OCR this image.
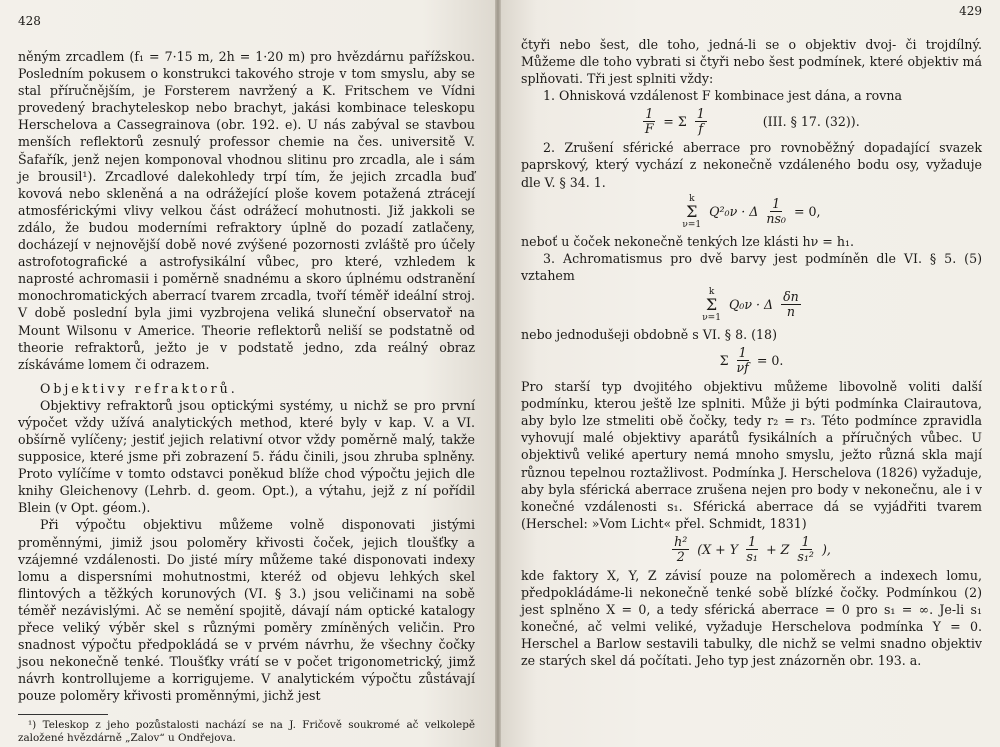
428

něným zrcadlem (f₁ = 7·15 m, 2h = 1·20 m) pro hvězdárnu pařížskou. Posledním pokusem o konstrukci takového stroje v tom smyslu, aby se stal příručnějším, je Forsterem navržený a K. Fritschem ve Vídni provedený brachyteleskop nebo brachyt, jakási kombinace teleskopu Herschelova a Cassegrainova (obr. 192. e). U nás zabýval se stavbou menších reflektorů zesnulý professor chemie na čes. universitě V. Šafařík, jenž nejen komponoval vhodnou slitinu pro zrcadla, ale i sám je brousil¹). Zrcadlové dalekohledy trpí tím, že jejich zrcadla buď kovová nebo skleněná a na odrážející ploše kovem potažená ztrácejí atmosférickými vlivy velkou část odrážecí mohutnosti. Již jakkoli se zdálo, že budou moderními refraktory úplně do pozadí zatlačeny, docházejí v nejnovější době nové zvýšené pozornosti zvláště pro účely astrofotografické a astrofysikální vůbec, pro které, vzhledem k naprosté achromasii i poměrně snadnému a skoro úplnému odstranění monochromatických aberrací tvarem zrcadla, tvoří téměř ideální stroj. V době poslední byla jimi vyzbrojena veliká sluneční observatoř na Mount Wilsonu v Americe. Theorie reflektorů neliší se podstatně od theorie refraktorů, ježto je v podstatě jedno, zda reálný obraz získáváme lomem či odrazem.

Objektivy refraktorů.

Objektivy refraktorů jsou optickými systémy, u nichž se pro první výpočet vždy užívá analytických method, které byly v kap. V. a VI. obšírně vylíčeny; jestiť jejich relativní otvor vždy poměrně malý, takže supposice, které jsme při zobrazení 5. řádu činili, jsou zhruba splněny. Proto vylíčíme v tomto odstavci poněkud blíže chod výpočtu jejich dle knihy Gleichenovy (Lehrb. d. geom. Opt.), a výtahu, jejž z ní pořídil Blein (v Opt. géom.).

Při výpočtu objektivu můžeme volně disponovati jistými proměnnými, jimiž jsou poloměry křivosti čoček, jejich tloušťky a vzájemné vzdálenosti. Do jisté míry můžeme také disponovati indexy lomu a dispersními mohutnostmi, kteréž od objevu lehkých skel flintových a těžkých korunových (VI. § 3.) jsou veličinami na sobě téměř nezávislými. Ač se nemění spojitě, dávají nám optické katalogy přece veliký výběr skel s různými poměry zmíněných veličin. Pro snadnost výpočtu předpokládá se v prvém návrhu, že všechny čočky jsou nekonečně tenké. Tloušťky vrátí se v počet trigonometrický, jimž návrh kontrollujeme a korrigujeme. V analytickém výpočtu zůstávají pouze poloměry křivosti proměnnými, jichž jest

¹) Teleskop z jeho pozůstalosti nachází se na J. Fričově soukromé ač velkolepě založené hvězdárně „Zalov“ u Ondřejova.
429

čtyři nebo šest, dle toho, jedná-li se o objektiv dvoj- či trojdílný. Můžeme dle toho vybrati si čtyři nebo šest podmínek, které objektiv má splňovati. Tři jest splniti vždy:

1. Ohnisková vzdálenost F kombinace jest dána, a rovna

$\frac{1}{F} = \Sigma \frac{1}{f}$	(III. § 17. (32)).

2. Zrušení sférické aberrace pro rovnoběžný dopadající svazek paprskový, který vychází z nekonečně vzdáleného bodu osy, vyžaduje dle V. § 34. 1.

k
Σ
ν=1
Q²₀ν · Δ $\frac{1}{\text{ns₀}} = 0$,

neboť u čoček nekonečně tenkých lze klásti hν = h₁.

3. Achromatismus pro dvě barvy jest podmíněn dle VI. § 5. (5) vztahem

k
Σ
ν=1
Q₀ν · Δ $\frac{\delta n}{n}$

nebo jednodušeji obdobně s VI. § 8. (18)

Σ $\frac{1}{\nu f} = 0$.

Pro starší typ dvojitého objektivu můžeme libovolně voliti další podmínku, kterou ještě lze splniti. Může ji býti podmínka Clairautova, aby bylo lze stmeliti obě čočky, tedy r₂ = r₃. Této podmínce zpravidla vyhovují malé objektivy aparátů fysikálních a příručných vůbec. U objektivů veliké apertury nemá mnoho smyslu, ježto různá skla mají různou tepelnou roztažlivost. Podmínka J. Herschelova (1826) vyžaduje, aby byla sférická aberrace zrušena nejen pro body v nekonečnu, ale i v konečné vzdálenosti s₁. Sférická aberrace dá se vyjádřiti tvarem (Herschel: »Vom Licht« přel. Schmidt, 1831)

$\frac{\text{h²}}{2} (X + Y \frac{1}{\text{s₁}} + Z \frac{1}{\text{s₁²}}$ ),

kde faktory X, Y, Z závisí pouze na poloměrech a indexech lomu, předpokládáme-li nekonečně tenké sobě blízké čočky. Podmínkou (2) jest splněno X = 0, a tedy sférická aberrace = 0 pro s₁ = ∞. Je-li s₁ konečné, ač velmi veliké, vyžaduje Herschelova podmínka Y = 0. Herschel a Barlow sestavili tabulky, dle nichž se velmi snadno objektiv ze starých skel dá počítati. Jeho typ jest znázorněn obr. 193. a.
